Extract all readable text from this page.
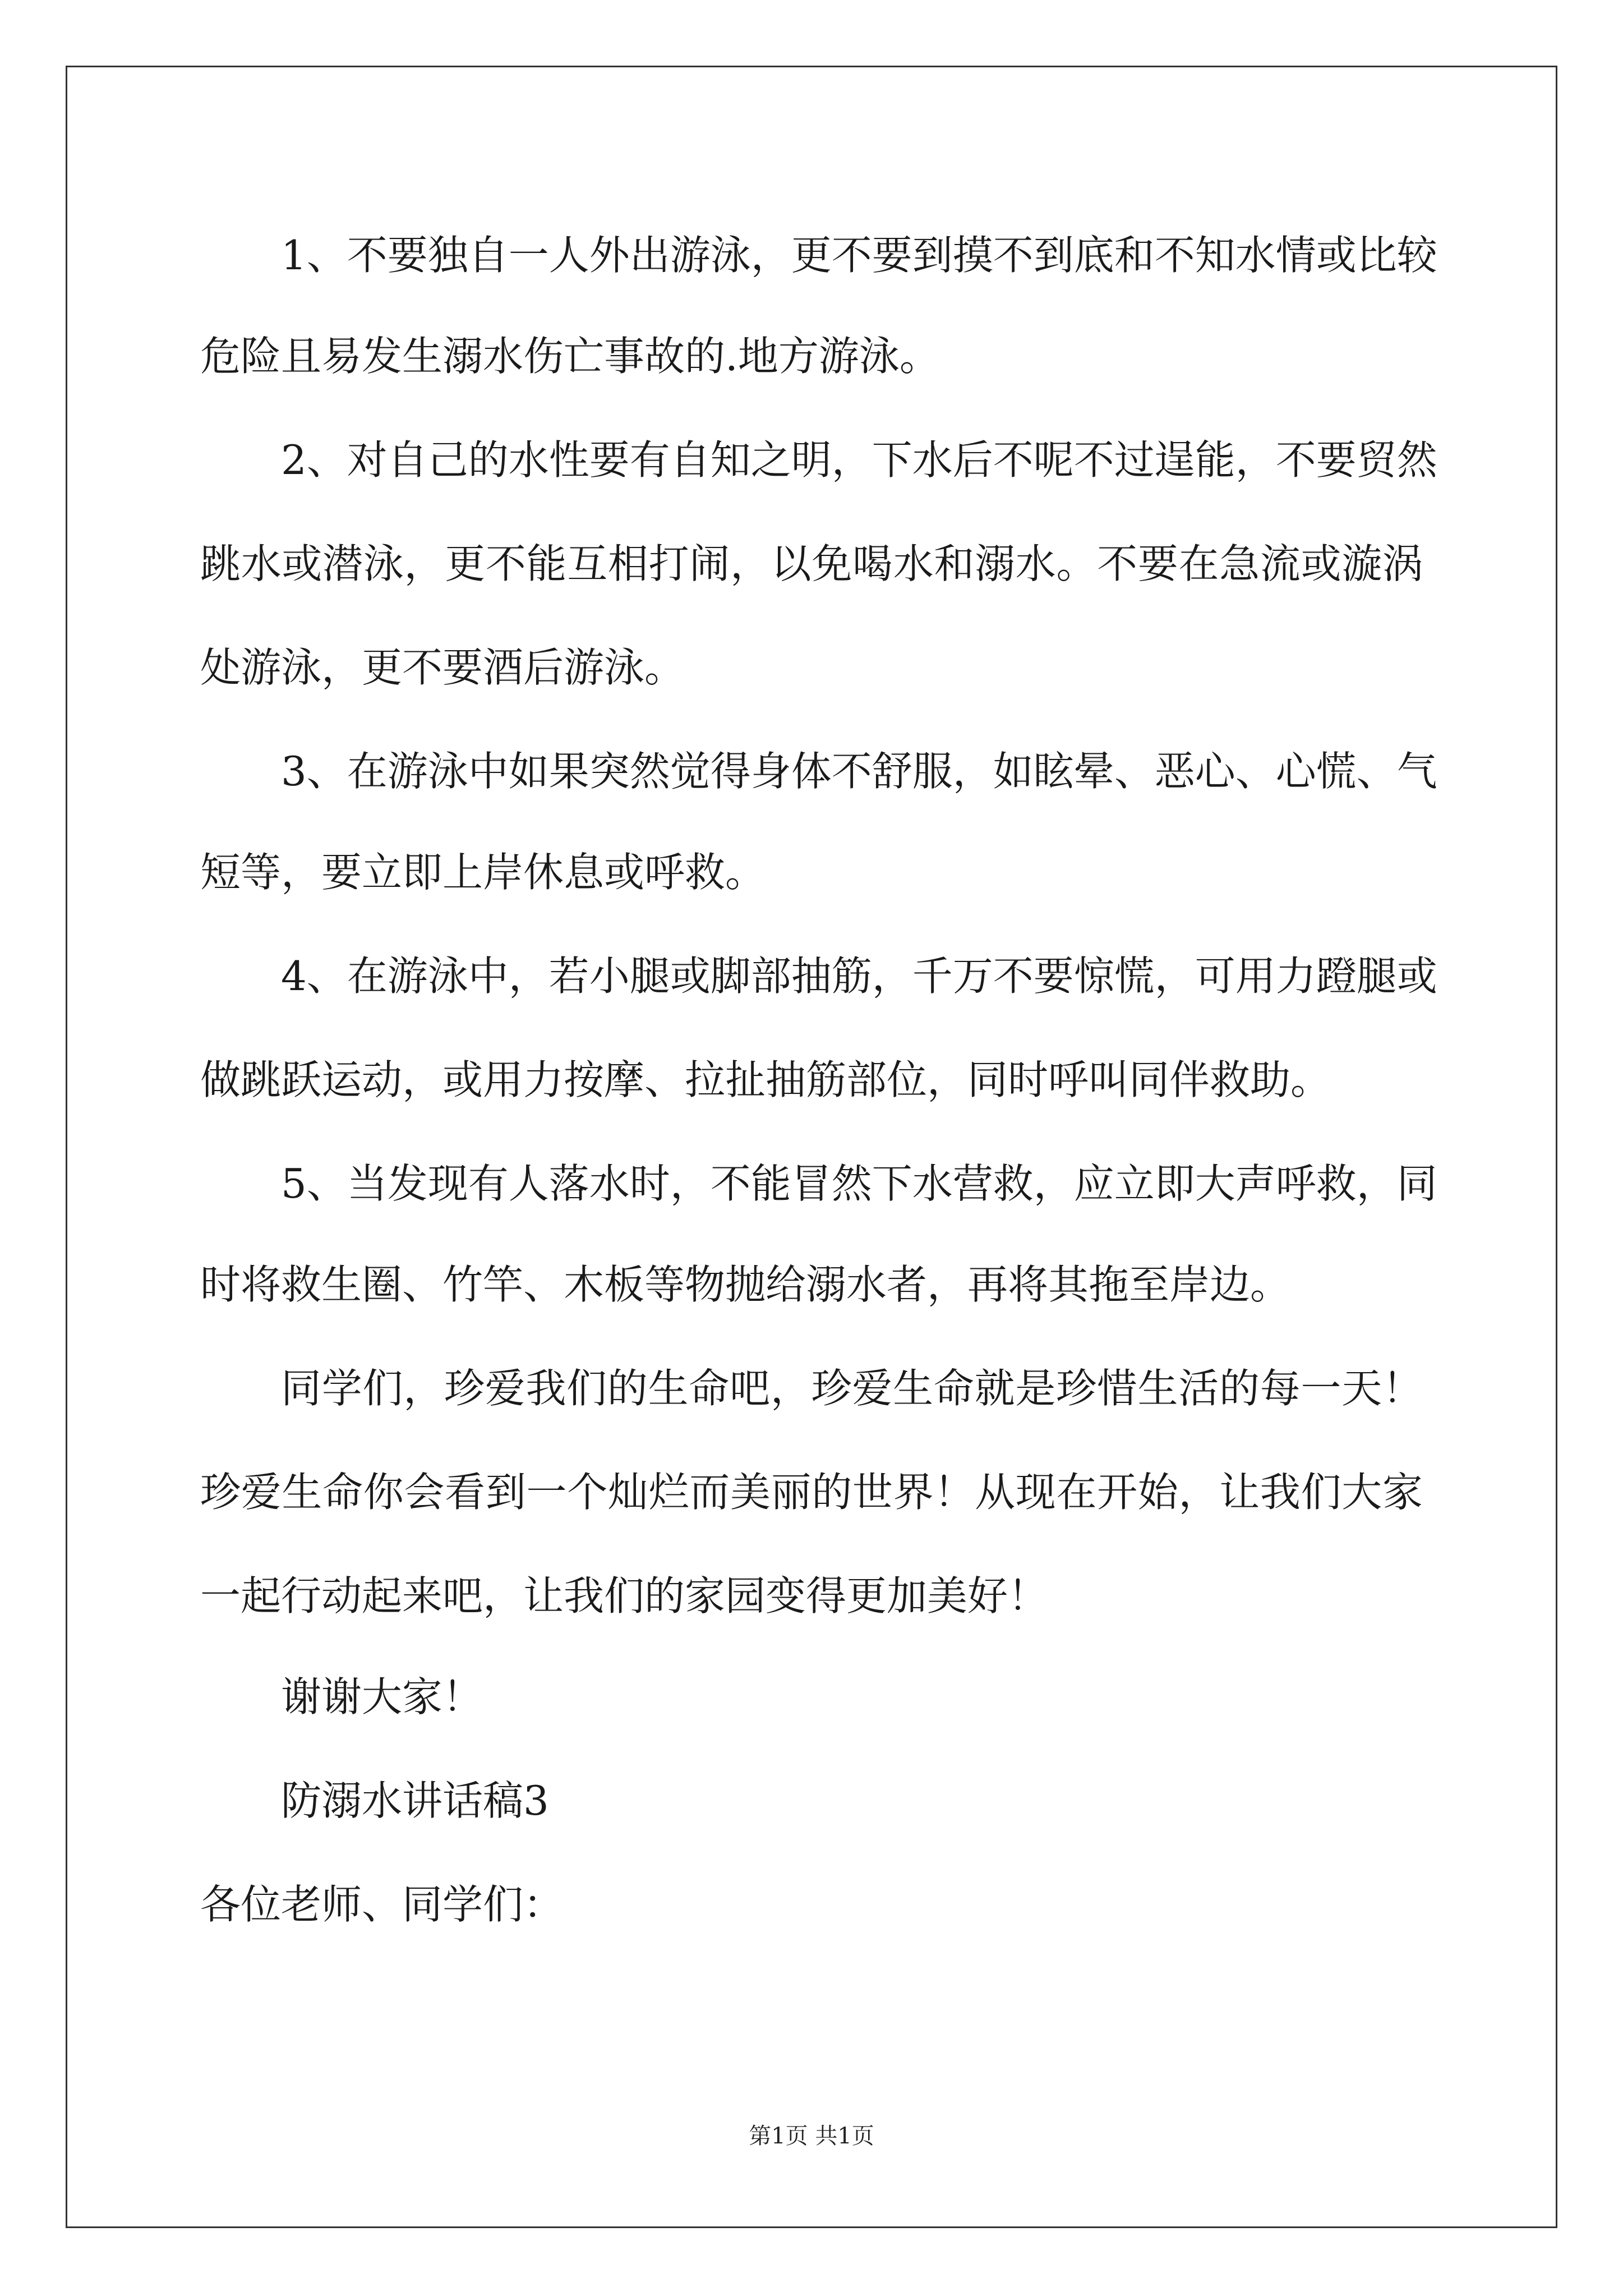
1、不要独自一人外出游泳，更不要到摸不到底和不知水情或比较
危险且易发生溺水伤亡事故的.地方游泳。
2、对自己的水性要有自知之明，下水后不呢不过逞能，不要贸然
跳水或潜泳，更不能互相打闹，以免喝水和溺水。不要在急流或漩涡
处游泳，更不要酒后游泳。
3、在游泳中如果突然觉得身体不舒服，如眩晕、恶心、心慌、气
短等，要立即上岸休息或呼救。
4、在游泳中，若小腿或脚部抽筋，千万不要惊慌，可用力蹬腿或
做跳跃运动，或用力按摩、拉扯抽筋部位，同时呼叫同伴救助。
5、当发现有人落水时，不能冒然下水营救，应立即大声呼救，同
时将救生圈、竹竿、木板等物抛给溺水者，再将其拖至岸边。
同学们，珍爱我们的生命吧，珍爱生命就是珍惜生活的每一天！
珍爱生命你会看到一个灿烂而美丽的世界！从现在开始，让我们大家
一起行动起来吧，让我们的家园变得更加美好！
谢谢大家！
防溺水讲话稿3
各位老师、同学们：
第1页 共1页
